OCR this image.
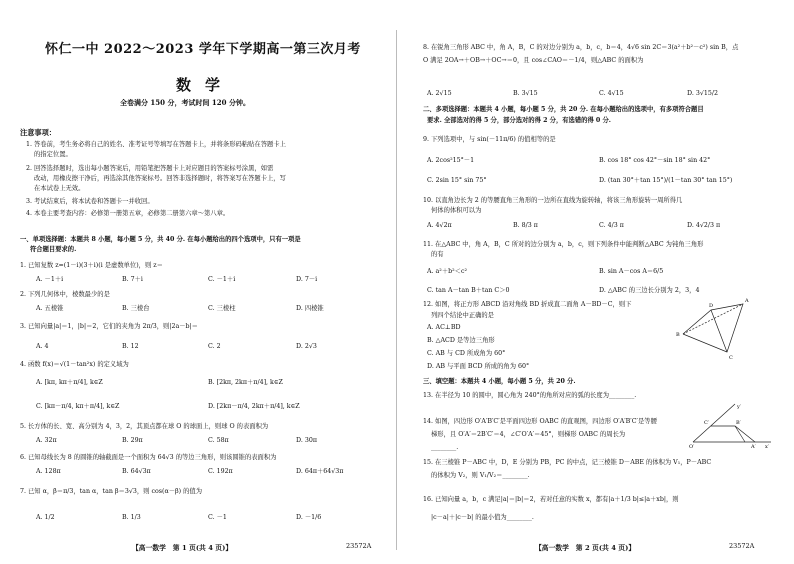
怀仁一中 2022～2023 学年下学期高一第三次月考
数学
全卷满分 150 分，考试时间 120 分钟。
注意事项：
1. 答卷前，考生务必将自己的姓名、准考证号等填写在答题卡上，并将条形码粘贴在答题卡上
的指定位置。
2. 回答选择题时，选出每小题答案后，用铅笔把答题卡上对应题目的答案标号涂黑，如需
改动，用橡皮擦干净后，再选涂其他答案标号。回答非选择题时，将答案写在答题卡上，写
在本试卷上无效。
3. 考试结束后，将本试卷和答题卡一并收回。
4. 本卷主要考查内容：必修第一册第五章，必修第二册第六章～第八章。
一、单项选择题：本题共 8 小题，每小题 5 分，共 40 分. 在每小题给出的四个选项中，只有一项是
符合题目要求的.
1. 已知复数 z=(1－i)(3＋i)(i 是虚数单位)，则 z＝
A. －1＋i	B. 7＋i	C. －1＋i	D. 7－i
2. 下列几何体中，棱数最少的是
A. 五棱锥	B. 三棱台	C. 三棱柱	D. 四棱锥
3. 已知向量|a|＝1，|b|＝2，它们的夹角为 2π/3，则|2a－b|＝
A. 4	B. 12	C. 2	D. 2√3
4. 函数 f(x)＝√(1－tan²x) 的定义域为
A. [kπ, kπ＋π/4], k∈Z	B. [2kπ, 2kπ＋π/4], k∈Z
C. [kπ－π/4, kπ＋π/4], k∈Z	D. [2kπ－π/4, 2kπ＋π/4], k∈Z
5. 长方体的长、宽、高分别为 4，3，2，其顶点都在球 O 的球面上，则球 O 的表面积为
A. 32π	B. 29π	C. 58π	D. 30π
6. 已知母线长为 8 的圆锥的轴截面是一个面积为 64√3 的等边三角形，则该圆锥的表面积为
A. 128π	B. 64√3π	C. 192π	D. 64π＋64√3π
7. 已知 α，β＝π/3，tan α，tan β＝3√3，则 cos(α－β) 的值为
A. 1/2	B. 1/3	C. －1	D. －1/6
【高一数学　第 1 页(共 4 页)】	23572A
8. 在锐角三角形 ABC 中，角 A，B，C 的对边分别为 a，b，c，b＝4，4√6 sin 2C＝3(a²＋b²－c²) sin B，点
O 满足 2OA→＋OB→＋OC→＝0，且 cos∠CAO＝－1/4，则△ABC 的面积为
A. 2√15	B. 3√15	C. 4√15	D. 3√15/2
二、多项选择题：本题共 4 小题，每小题 5 分，共 20 分. 在每小题给出的选项中，有多项符合题目
要求. 全部选对的得 5 分，部分选对的得 2 分，有选错的得 0 分.
9. 下列选项中，与 sin(－11π/6) 的值相等的是
A. 2cos²15°－1	B. cos 18° cos 42°－sin 18° sin 42°
C. 2sin 15° sin 75°	D. (tan 30°＋tan 15°)/(1－tan 30° tan 15°)
10. 以直角边长为 2 的等腰直角三角形的一边所在直线为旋转轴，将该三角形旋转一周所得几
何体的体积可以为
A. 4√2π	B. 8/3 π	C. 4/3 π	D. 4√2/3 π
11. 在△ABC 中，角 A，B，C 所对的边分别为 a，b，c，则下列条件中能判断△ABC 为钝角三角形
的有
A. a²＋b²＜c²	B. sin A－cos A＝6/5
C. tan A－tan B＋tan C＞0	D. △ABC 的三边长分别为 2，3，4
12. 如图，将正方形 ABCD 沿对角线 BD 折成直二面角 A－BD－C，则下
列四个结论中正确的是
A. AC⊥BD
B. △ACD 是等边三角形
C. AB 与 CD 所成角为 60°
D. AB 与平面 BCD 所成的角为 60°
A
B
C
D
三、填空题：本题共 4 小题，每小题 5 分，共 20 分.
13. 在半径为 10 的圆中，圆心角为 240°的角所对应的弧的长度为________.
14. 如图，四边形 O′A′B′C′是平面四边形 OABC 的直观图，四边形 O′A′B′C′是等腰
梯形，且 O′A′＝2B′C′＝4，∠C′O′A′＝45°，则梯形 OABC 的周长为
________.
y′
O′	A′
B′
C′
x′
15. 在三棱锥 P－ABC 中，D，E 分别为 PB，PC 的中点，记三棱锥 D－ABE 的体积为 V₁，P－ABC
的体积为 V₂，则 V₁/V₂＝________.
16. 已知向量 a，b，c 满足|a|＝|b|＝2，若对任意的实数 x，都有|a＋1/3 b|≤|a＋xb|，则
|c－a|＋|c－b| 的最小值为________.
【高一数学　第 2 页(共 4 页)】	23572A
